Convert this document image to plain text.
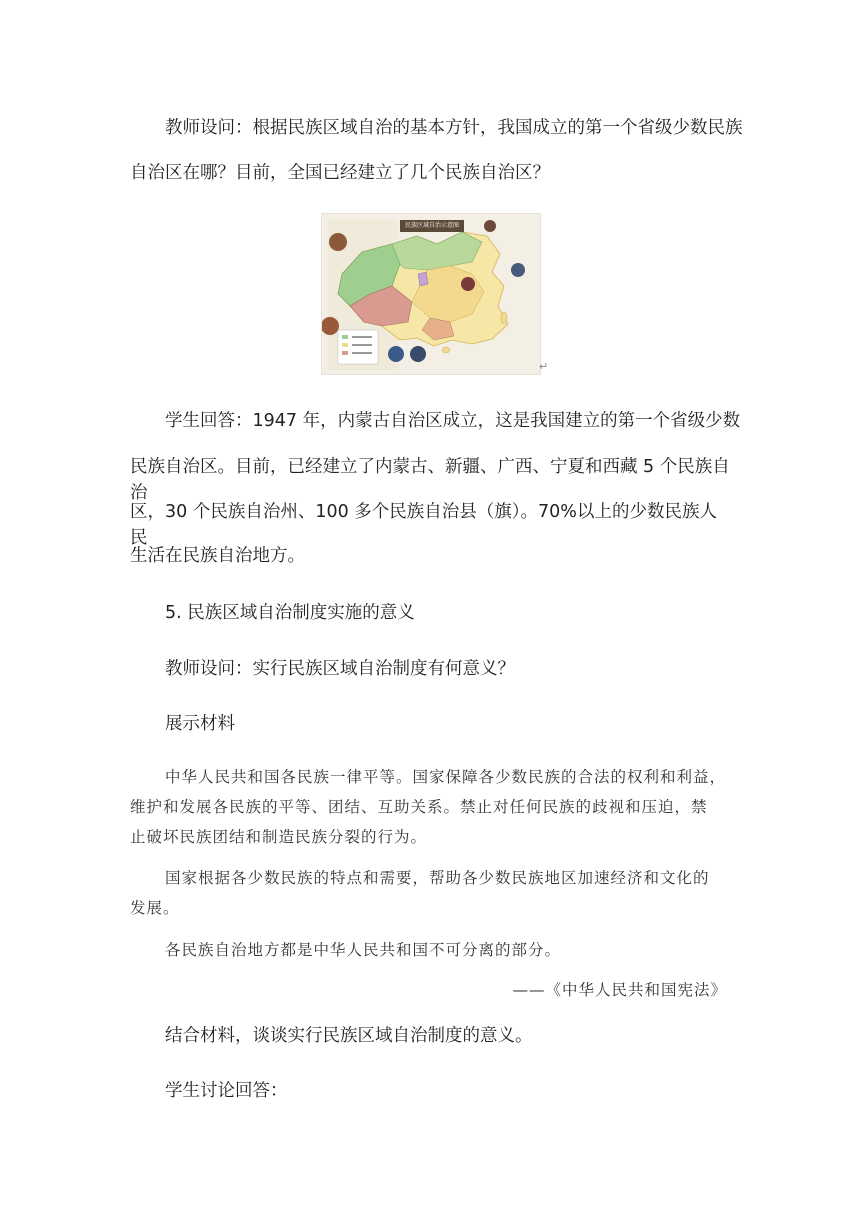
教师设问：根据民族区域自治的基本方针，我国成立的第一个省级少数民族
自治区在哪？目前，全国已经建立了几个民族自治区？
民族区域自治示意图
↵
学生回答：1947 年，内蒙古自治区成立，这是我国建立的第一个省级少数
民族自治区。目前，已经建立了内蒙古、新疆、广西、宁夏和西藏 5 个民族自治
区，30 个民族自治州、100 多个民族自治县（旗）。70%以上的少数民族人民
生活在民族自治地方。
5. 民族区域自治制度实施的意义
教师设问：实行民族区域自治制度有何意义？
展示材料
中华人民共和国各民族一律平等。国家保障各少数民族的合法的权利和利益，
维护和发展各民族的平等、团结、互助关系。禁止对任何民族的歧视和压迫，禁
止破坏民族团结和制造民族分裂的行为。
国家根据各少数民族的特点和需要，帮助各少数民族地区加速经济和文化的
发展。
各民族自治地方都是中华人民共和国不可分离的部分。
——《中华人民共和国宪法》
结合材料，谈谈实行民族区域自治制度的意义。
学生讨论回答：
